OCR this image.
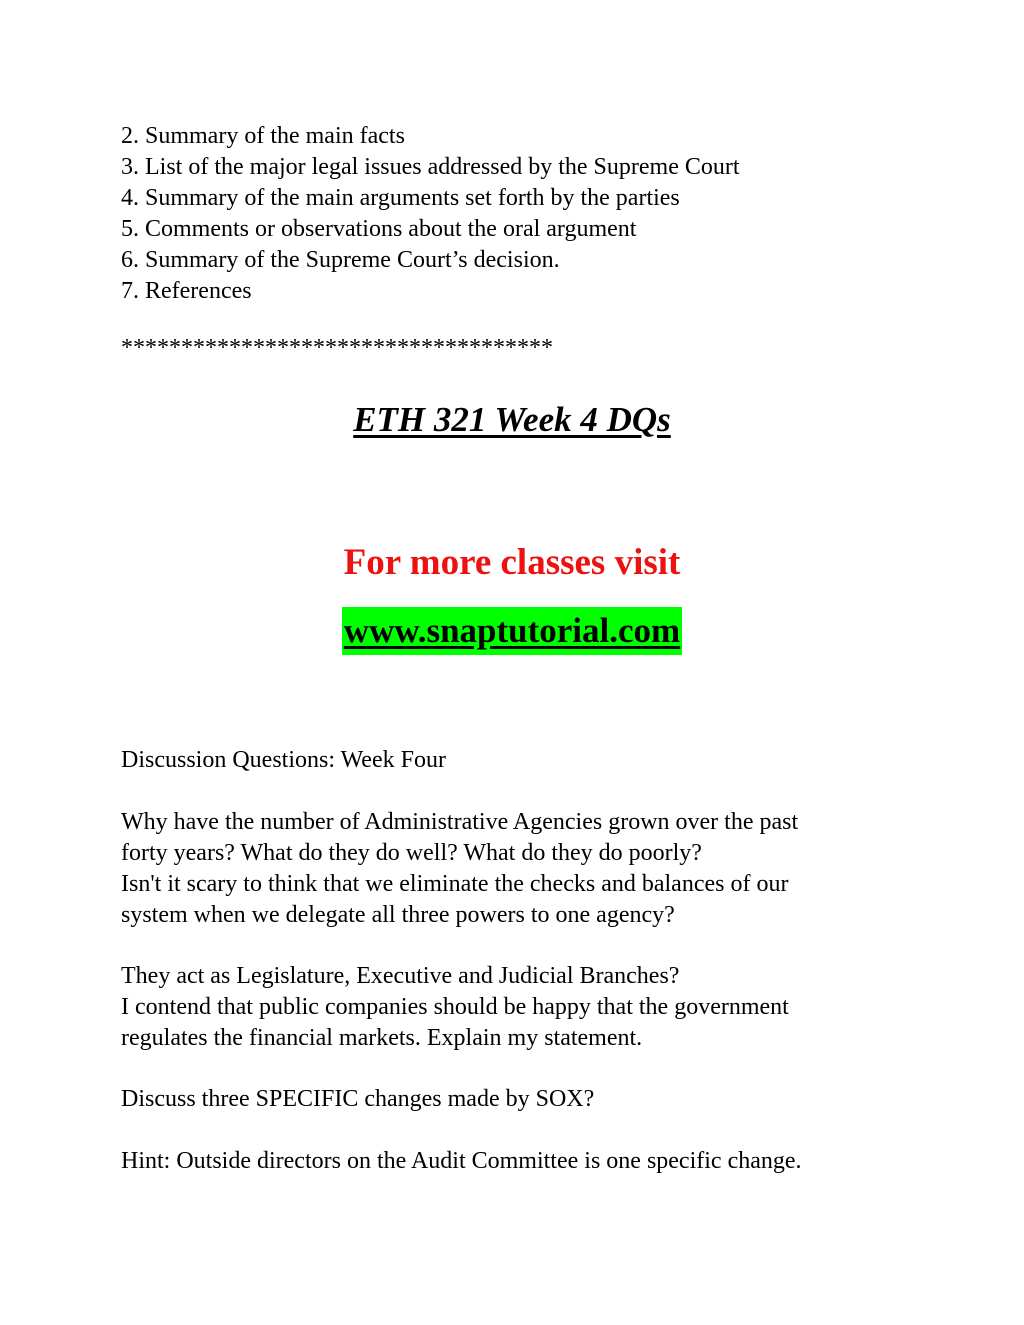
2. Summary of the main facts
3. List of the major legal issues addressed by the Supreme Court
4. Summary of the main arguments set forth by the parties
5. Comments or observations about the oral argument
6. Summary of the Supreme Court’s decision.
7. References
************************************
ETH 321 Week 4 DQs
For more classes visit
www.snaptutorial.com
Discussion Questions: Week Four
Why have the number of Administrative Agencies grown over the past
forty years? What do they do well? What do they do poorly?
Isn't it scary to think that we eliminate the checks and balances of our
system when we delegate all three powers to one agency?
They act as Legislature, Executive and Judicial Branches?
I contend that public companies should be happy that the government
regulates the financial markets. Explain my statement.
Discuss three SPECIFIC changes made by SOX?
Hint: Outside directors on the Audit Committee is one specific change.
